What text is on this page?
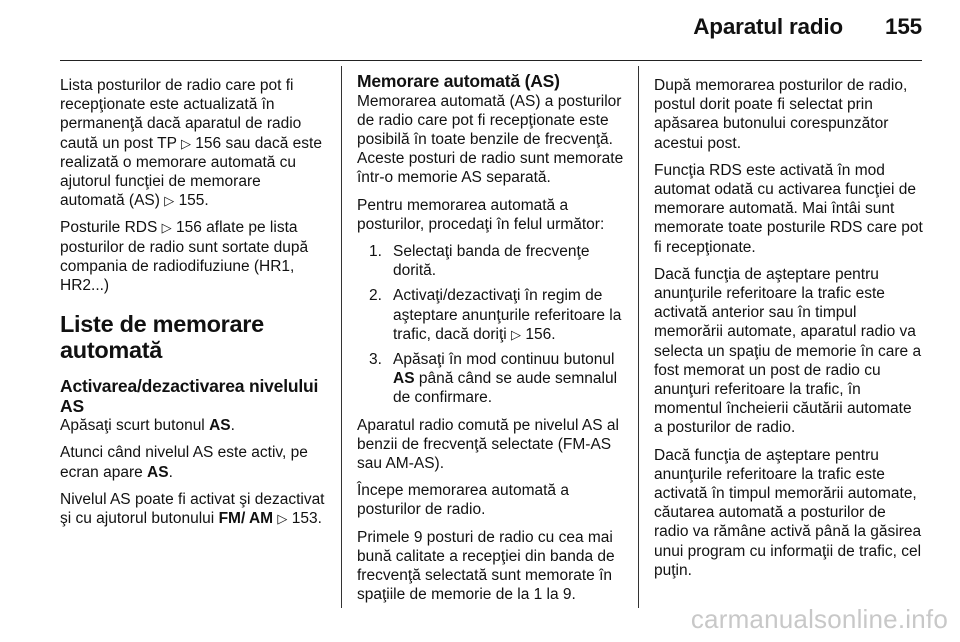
Aparatul radio 155

Lista posturilor de radio care pot fi recepţionate este actualizată în permanenţă dacă aparatul de radio caută un post TP ▷ 156 sau dacă este realizată o memorare automată cu ajutorul funcţiei de memorare automată (AS) ▷ 155.

Posturile RDS ▷ 156 aflate pe lista posturilor de radio sunt sortate după compania de radiodifuziune (HR1, HR2...)

Liste de memorare automată
Activarea/dezactivarea nivelului AS

Apăsaţi scurt butonul AS.

Atunci când nivelul AS este activ, pe ecran apare AS.

Nivelul AS poate fi activat şi dezactivat şi cu ajutorul butonului FM/ AM ▷ 153.

Memorare automată (AS)

Memorarea automată (AS) a posturilor de radio care pot fi recepţionate este posibilă în toate benzile de frecvenţă. Aceste posturi de radio sunt memorate într-o memorie AS separată.

Pentru memorarea automată a posturilor, procedaţi în felul următor:

1. Selectaţi banda de frecvenţe dorită.
2. Activaţi/dezactivaţi în regim de aşteptare anunţurile referitoare la trafic, dacă doriţi ▷ 156.
3. Apăsaţi în mod continuu butonul AS până când se aude semnalul de confirmare.

Aparatul radio comută pe nivelul AS al benzii de frecvenţă selectate (FM-AS sau AM-AS).

Începe memorarea automată a posturilor de radio.

Primele 9 posturi de radio cu cea mai bună calitate a recepţiei din banda de frecvenţă selectată sunt memorate în spaţiile de memorie de la 1 la 9.

După memorarea posturilor de radio, postul dorit poate fi selectat prin apăsarea butonului corespunzător acestui post.

Funcţia RDS este activată în mod automat odată cu activarea funcţiei de memorare automată. Mai întâi sunt memorate toate posturile RDS care pot fi recepţionate.

Dacă funcţia de aşteptare pentru anunţurile referitoare la trafic este activată anterior sau în timpul memorării automate, aparatul radio va selecta un spaţiu de memorie în care a fost memorat un post de radio cu anunţuri referitoare la trafic, în momentul încheierii căutării automate a posturilor de radio.

Dacă funcţia de aşteptare pentru anunţurile referitoare la trafic este activată în timpul memorării automate, căutarea automată a posturilor de radio va rămâne activă până la găsirea unui program cu informaţii de trafic, cel puţin.

carmanualsonline.info
